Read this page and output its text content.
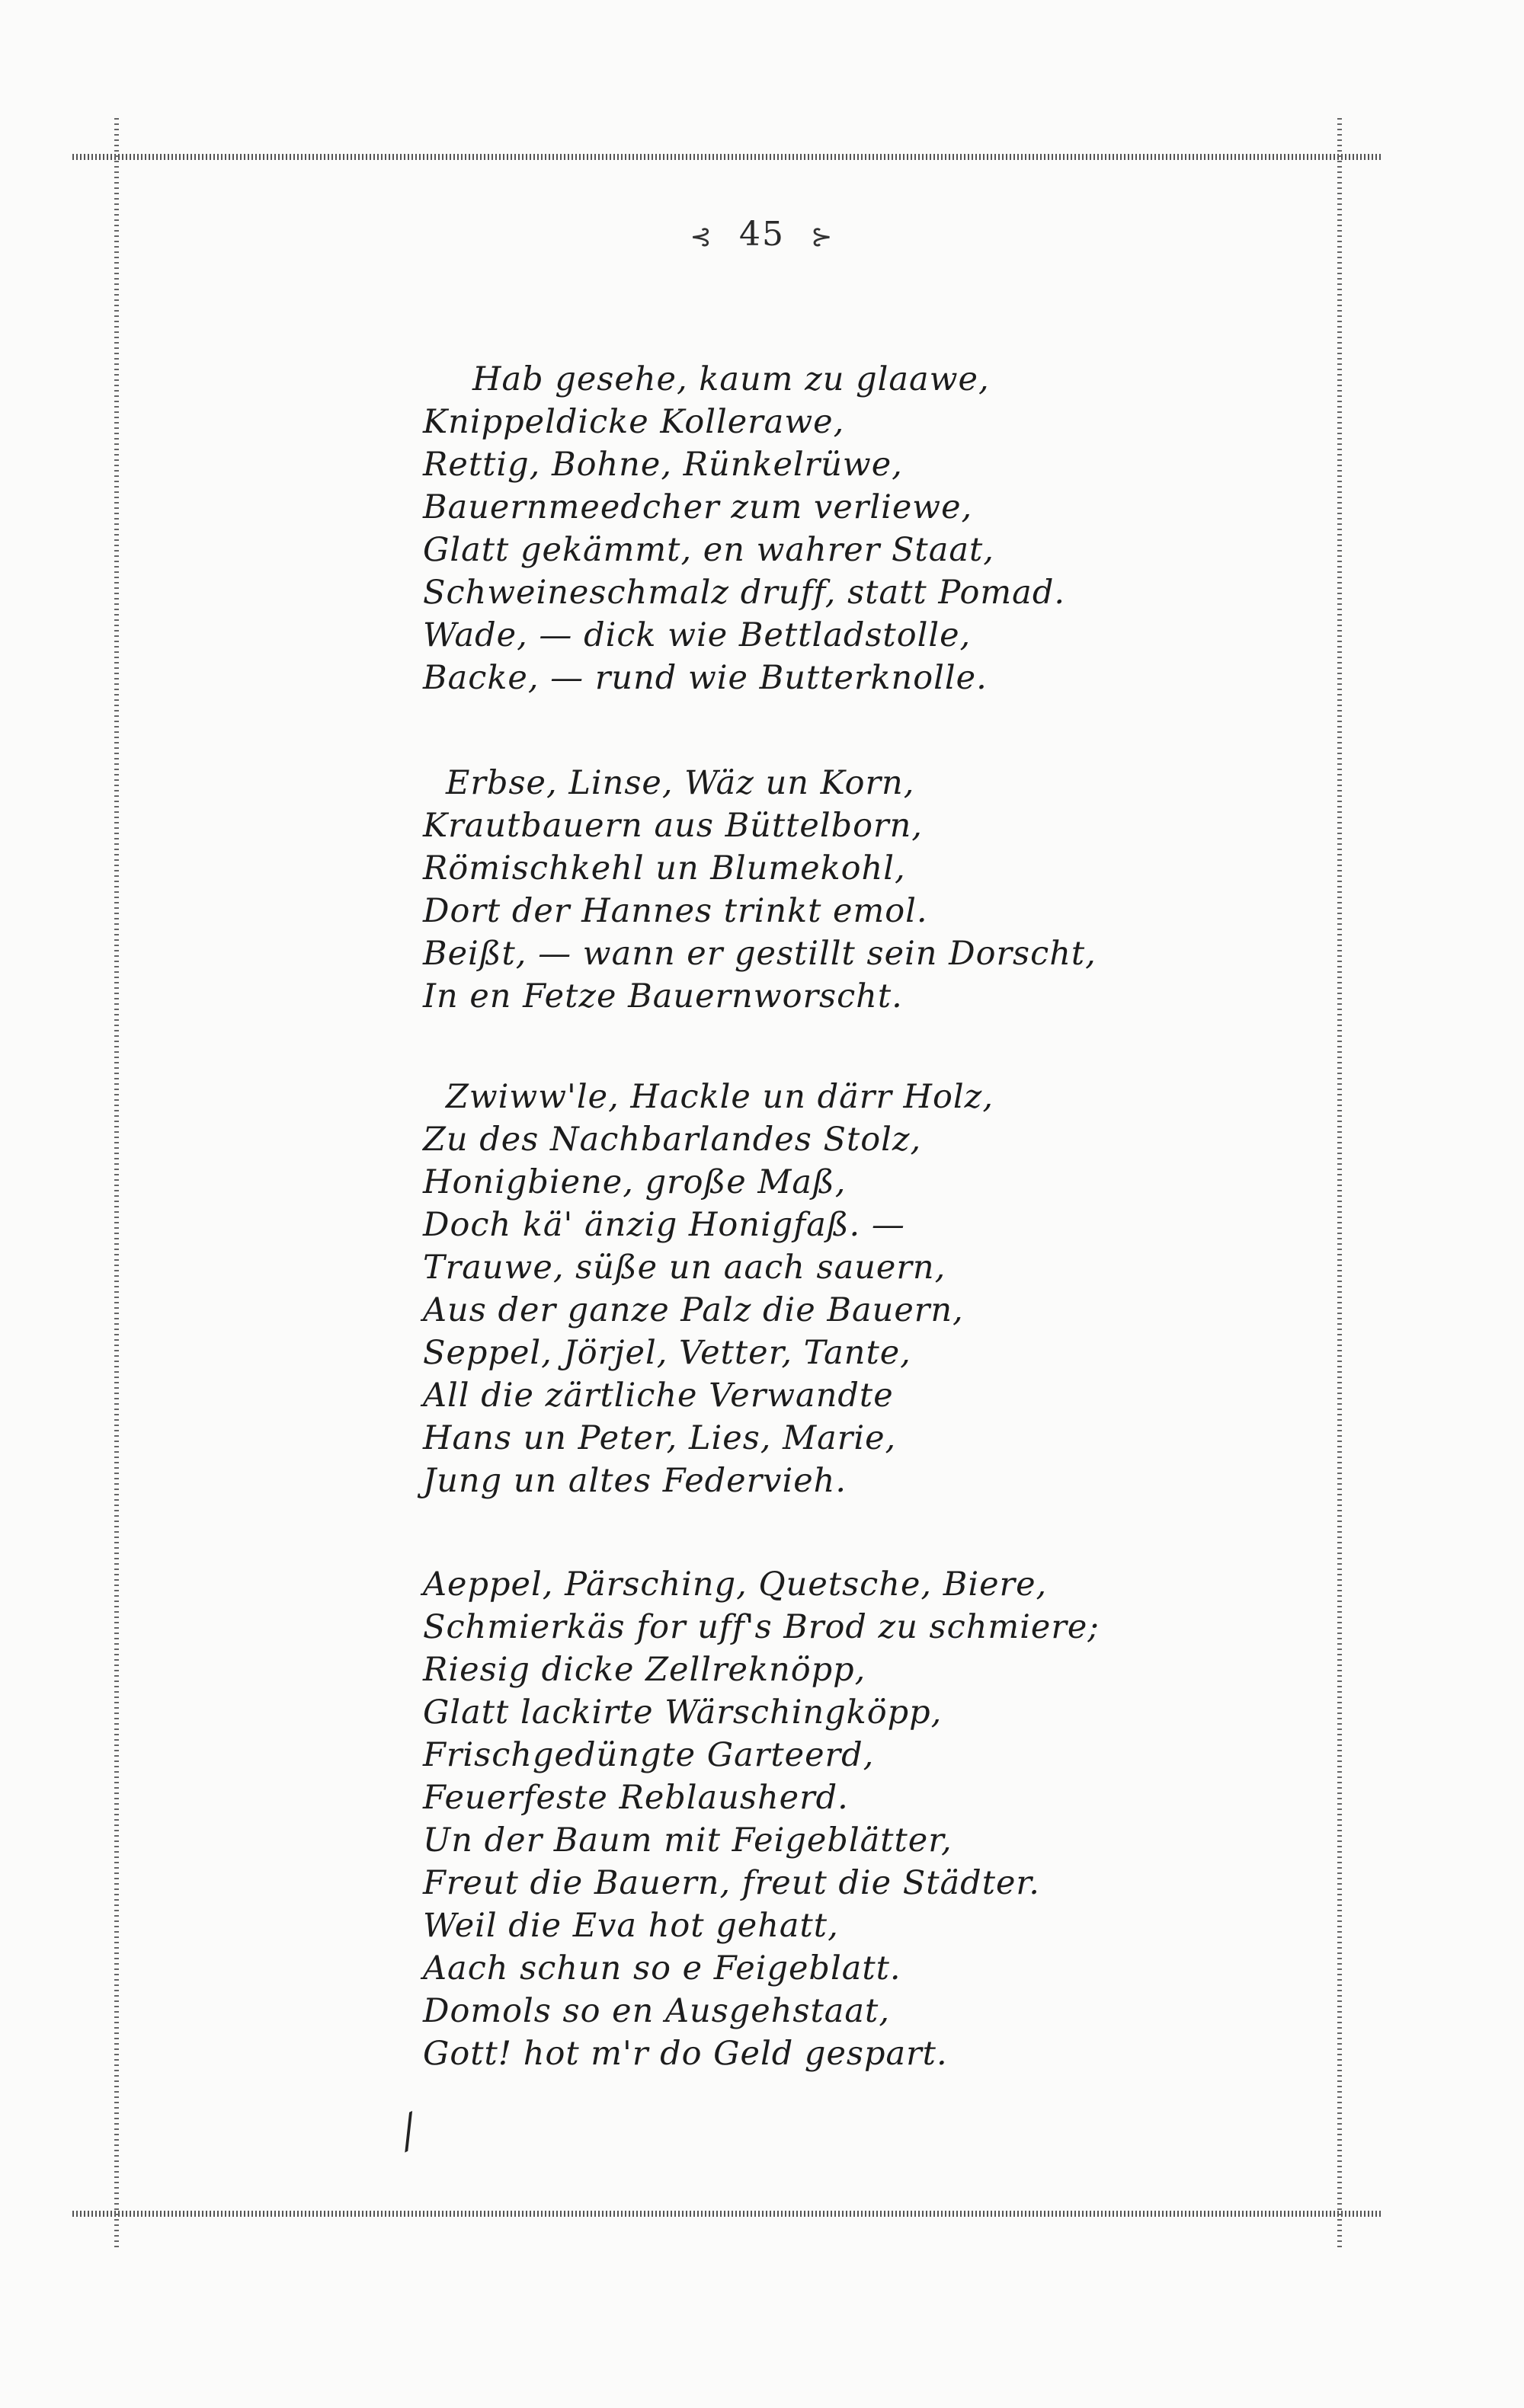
⊰ 45 ⊱
Hab gesehe, kaum zu glaawe,
Knippeldicke Kollerawe,
Rettig, Bohne, Rünkelrüwe,
Bauernmeedcher zum verliewe,
Glatt gekämmt, en wahrer Staat,
Schweineschmalz druff, statt Pomad.
Wade, — dick wie Bettladstolle,
Backe, — rund wie Butterknolle.
Erbse, Linse, Wäz un Korn,
Krautbauern aus Büttelborn,
Römischkehl un Blumekohl,
Dort der Hannes trinkt emol.
Beißt, — wann er gestillt sein Dorscht,
In en Fetze Bauernworscht.
Zwiww'le, Hackle un därr Holz,
Zu des Nachbarlandes Stolz,
Honigbiene, große Maß,
Doch kä' änzig Honigfaß. —
Trauwe, süße un aach sauern,
Aus der ganze Palz die Bauern,
Seppel, Jörjel, Vetter, Tante,
All die zärtliche Verwandte
Hans un Peter, Lies, Marie,
Jung un altes Federvieh.
Aeppel, Pärsching, Quetsche, Biere,
Schmierkäs for uff's Brod zu schmiere;
Riesig dicke Zellreknöpp,
Glatt lackirte Wärschingköpp,
Frischgedüngte Garteerd,
Feuerfeste Reblausherd.
Un der Baum mit Feigeblätter,
Freut die Bauern, freut die Städter.
Weil die Eva hot gehatt,
Aach schun so e Feigeblatt.
Domols so en Ausgehstaat,
Gott! hot m'r do Geld gespart.
⁄
